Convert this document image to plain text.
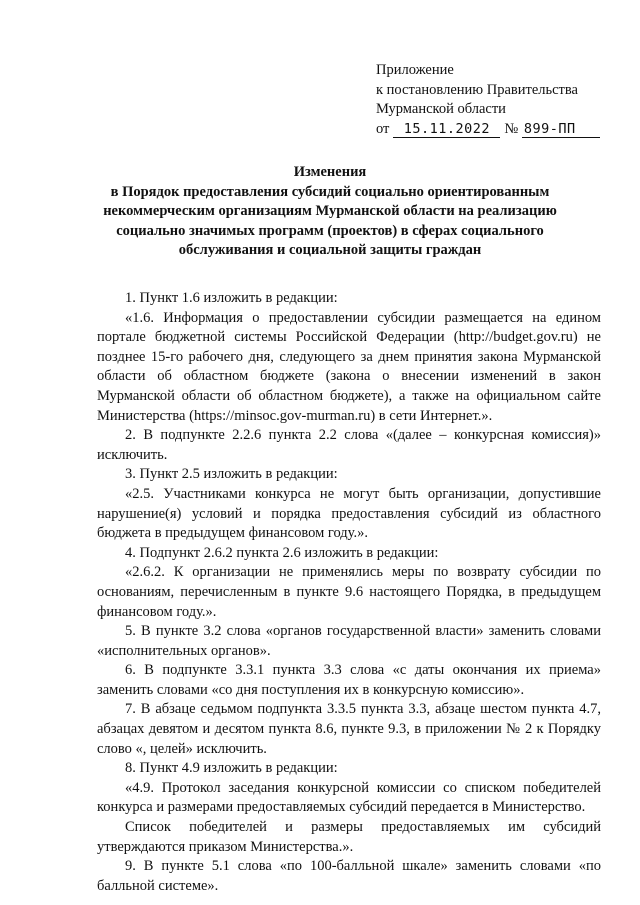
Приложение
к постановлению Правительства
Мурманской области
от 15.11.2022 № 899-ПП
Изменения
в Порядок предоставления субсидий социально ориентированным
некоммерческим организациям Мурманской области на реализацию
социально значимых программ (проектов) в сферах социального
обслуживания и социальной защиты граждан

1. Пункт 1.6 изложить в редакции:

«1.6. Информация о предоставлении субсидии размещается на едином портале бюджетной системы Российской Федерации (http://budget.gov.ru) не позднее 15-го рабочего дня, следующего за днем принятия закона Мурманской области об областном бюджете (закона о внесении изменений в закон Мурманской области об областном бюджете), а также на официальном сайте Министерства (https://minsoc.gov-murman.ru) в сети Интернет.».

2. В подпункте 2.2.6 пункта 2.2 слова «(далее – конкурсная комиссия)» исключить.

3. Пункт 2.5 изложить в редакции:

«2.5. Участниками конкурса не могут быть организации, допустившие нарушение(я) условий и порядка предоставления субсидий из областного бюджета в предыдущем финансовом году.».

4. Подпункт 2.6.2 пункта 2.6 изложить в редакции:

«2.6.2. К организации не применялись меры по возврату субсидии по основаниям, перечисленным в пункте 9.6 настоящего Порядка, в предыдущем финансовом году.».

5. В пункте 3.2 слова «органов государственной власти» заменить словами «исполнительных органов».

6. В подпункте 3.3.1 пункта 3.3 слова «с даты окончания их приема» заменить словами «со дня поступления их в конкурсную комиссию».

7. В абзаце седьмом подпункта 3.3.5 пункта 3.3, абзаце шестом пункта 4.7, абзацах девятом и десятом пункта 8.6, пункте 9.3, в приложении № 2 к Порядку слово «, целей» исключить.

8. Пункт 4.9 изложить в редакции:

«4.9. Протокол заседания конкурсной комиссии со списком победителей конкурса и размерами предоставляемых субсидий передается в Министерство.

Список победителей и размеры предоставляемых им субсидий утверждаются приказом Министерства.».

9. В пункте 5.1 слова «по 100-балльной шкале» заменить словами «по балльной системе».
